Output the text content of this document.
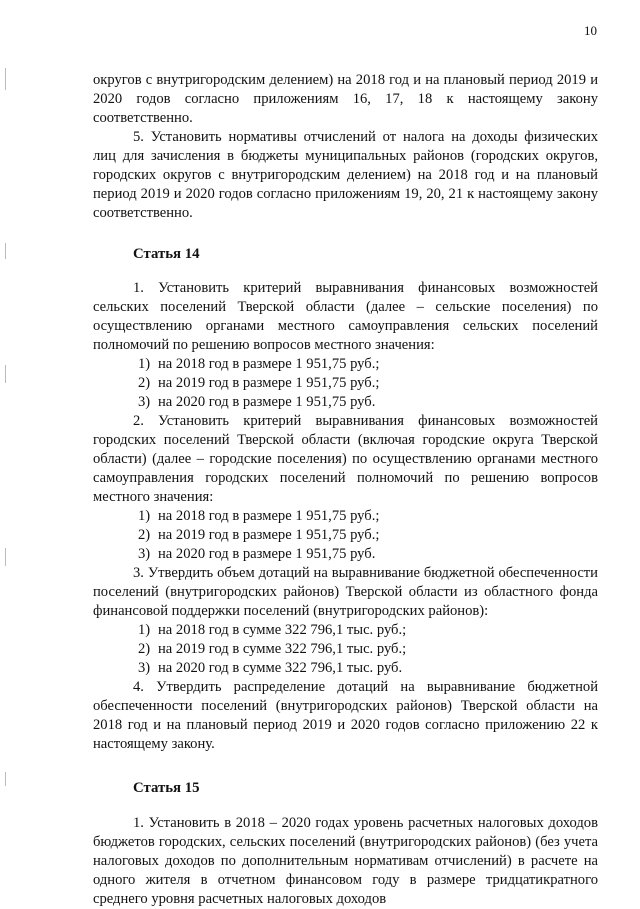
10

округов с внутригородским делением) на 2018 год и на плановый период 2019 и 2020 годов согласно приложениям 16, 17, 18 к настоящему закону соответственно.

5. Установить нормативы отчислений от налога на доходы физических лиц для зачисления в бюджеты муниципальных районов (городских округов, городских округов с внутригородским делением) на 2018 год и на плановый период 2019 и 2020 годов согласно приложениям 19, 20, 21 к настоящему закону соответственно.

Статья 14

1. Установить критерий выравнивания финансовых возможностей сельских поселений Тверской области (далее – сельские поселения) по осуществлению органами местного самоуправления сельских поселений полномочий по решению вопросов местного значения:

1) на 2018 год в размере 1 951,75 руб.;
2) на 2019 год в размере 1 951,75 руб.;
3) на 2020 год в размере 1 951,75 руб.

2. Установить критерий выравнивания финансовых возможностей городских поселений Тверской области (включая городские округа Тверской области) (далее – городские поселения) по осуществлению органами местного самоуправления городских поселений полномочий по решению вопросов местного значения:

1) на 2018 год в размере 1 951,75 руб.;
2) на 2019 год в размере 1 951,75 руб.;
3) на 2020 год в размере 1 951,75 руб.

3. Утвердить объем дотаций на выравнивание бюджетной обеспеченности поселений (внутригородских районов) Тверской области из областного фонда финансовой поддержки поселений (внутригородских районов):

1) на 2018 год в сумме 322 796,1 тыс. руб.;
2) на 2019 год в сумме 322 796,1 тыс. руб.;
3) на 2020 год в сумме 322 796,1 тыс. руб.

4. Утвердить распределение дотаций на выравнивание бюджетной обеспеченности поселений (внутригородских районов) Тверской области на 2018 год и на плановый период 2019 и 2020 годов согласно приложению 22 к настоящему закону.

Статья 15

1. Установить в 2018 – 2020 годах уровень расчетных налоговых доходов бюджетов городских, сельских поселений (внутригородских районов) (без учета налоговых доходов по дополнительным нормативам отчислений) в расчете на одного жителя в отчетном финансовом году в размере тридцатикратного среднего уровня расчетных налоговых доходов
